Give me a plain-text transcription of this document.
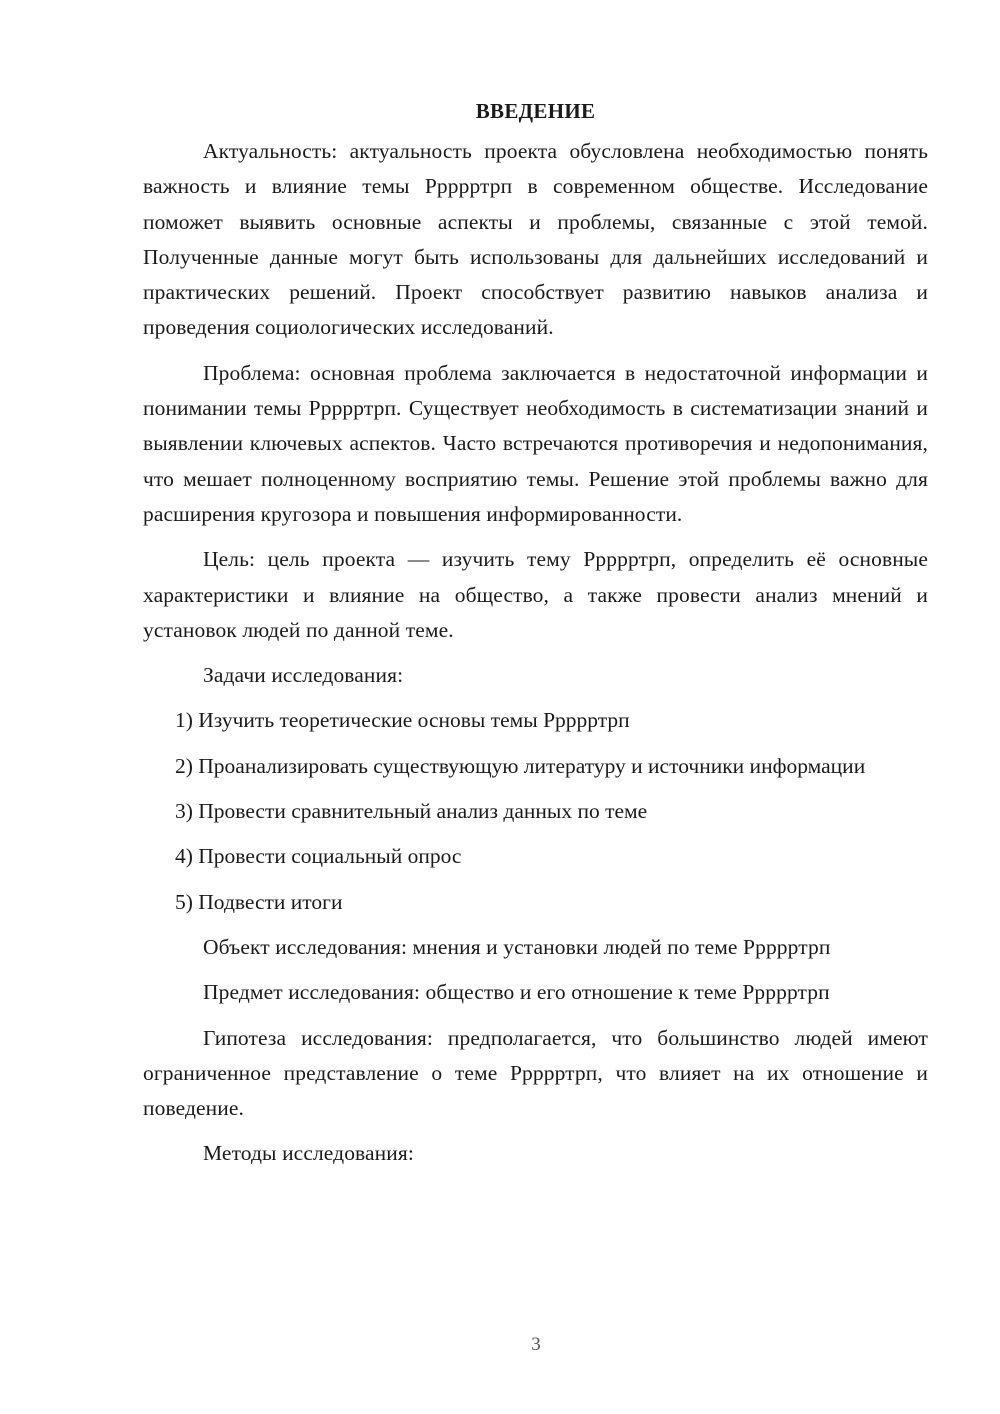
ВВЕДЕНИЕ

Актуальность: актуальность проекта обусловлена необходимостью понять важность и влияние темы Ррррртрп в современном обществе. Исследование поможет выявить основные аспекты и проблемы, связанные с этой темой. Полученные данные могут быть использованы для дальнейших исследований и практических решений. Проект способствует развитию навыков анализа и проведения социологических исследований.

Проблема: основная проблема заключается в недостаточной информации и понимании темы Ррррртрп. Существует необходимость в систематизации знаний и выявлении ключевых аспектов. Часто встречаются противоречия и недопонимания, что мешает полноценному восприятию темы. Решение этой проблемы важно для расширения кругозора и повышения информированности.

Цель: цель проекта — изучить тему Ррррртрп, определить её основные характеристики и влияние на общество, а также провести анализ мнений и установок людей по данной теме.

Задачи исследования:

1) Изучить теоретические основы темы Ррррртрп

2) Проанализировать существующую литературу и источники информации

3) Провести сравнительный анализ данных по теме

4) Провести социальный опрос

5) Подвести итоги

Объект исследования: мнения и установки людей по теме Ррррртрп

Предмет исследования: общество и его отношение к теме Ррррртрп

Гипотеза исследования: предполагается, что большинство людей имеют ограниченное представление о теме Ррррртрп, что влияет на их отношение и поведение.

Методы исследования:

3
